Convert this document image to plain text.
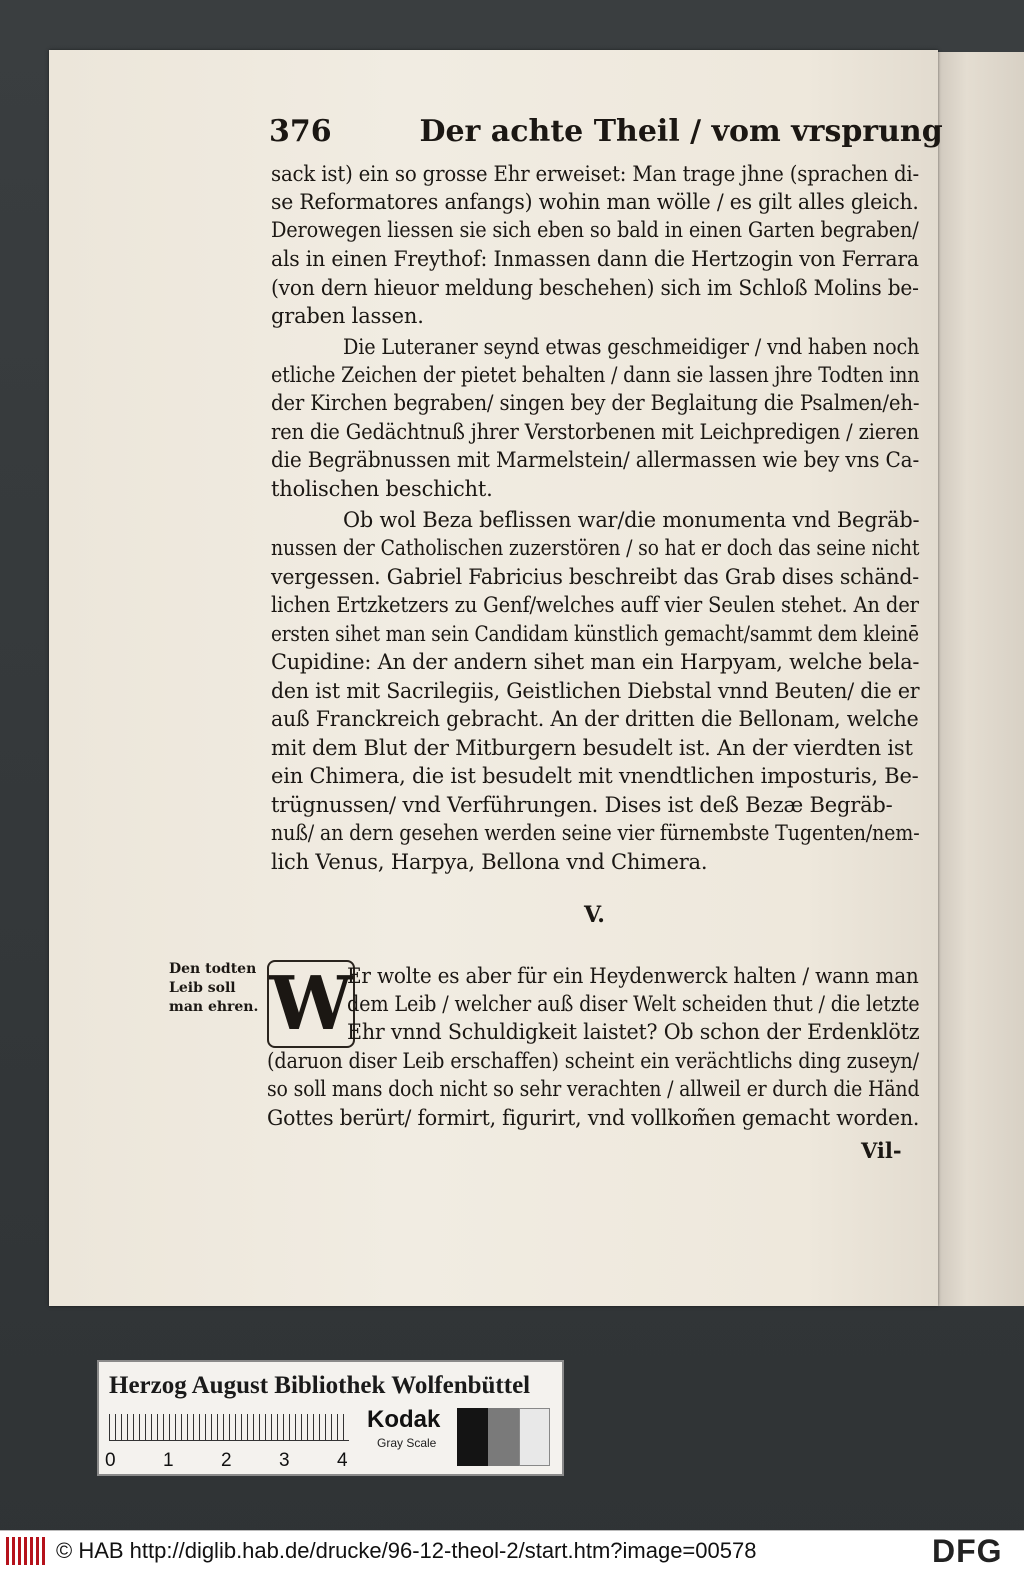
376	Der achte Theil / vom vrsprung
sack ist) ein so grosse Ehr erweiset: Man trage jhne (sprachen di-
se Reformatores anfangs) wohin man wölle / es gilt alles gleich.
Derowegen liessen sie sich eben so bald in einen Garten begraben/
als in einen Freythof: Inmassen dann die Hertzogin von Ferrara
(von dern hieuor meldung beschehen) sich im Schloß Molins be-
graben lassen.
Die Luteraner seynd etwas geschmeidiger / vnd haben noch
etliche Zeichen der pietet behalten / dann sie lassen jhre Todten inn
der Kirchen begraben/ singen bey der Beglaitung die Psalmen/eh-
ren die Gedächtnuß jhrer Verstorbenen mit Leichpredigen / zieren
die Begräbnussen mit Marmelstein/ allermassen wie bey vns Ca-
tholischen beschicht.
Ob wol Beza beflissen war/die monumenta vnd Begräb-
nussen der Catholischen zuzerstören / so hat er doch das seine nicht
vergessen. Gabriel Fabricius beschreibt das Grab dises schänd-
lichen Ertzketzers zu Genf/welches auff vier Seulen stehet. An der
ersten sihet man sein Candidam künstlich gemacht/sammt dem kleinē
Cupidine: An der andern sihet man ein Harpyam, welche bela-
den ist mit Sacrilegiis, Geistlichen Diebstal vnnd Beuten/ die er
auß Franckreich gebracht. An der dritten die Bellonam, welche
mit dem Blut der Mitburgern besudelt ist. An der vierdten ist
ein Chimera, die ist besudelt mit vnendtlichen imposturis, Be-
trügnussen/ vnd Verführungen. Dises ist deß Bezæ Begräb-
nuß/ an dern gesehen werden seine vier fürnembste Tugenten/nem-
lich Venus, Harpya, Bellona vnd Chimera.
V.
Den todten
Leib soll
man ehren. W
Er wolte es aber für ein Heydenwerck halten / wann man
dem Leib / welcher auß diser Welt scheiden thut / die letzte
Ehr vnnd Schuldigkeit laistet? Ob schon der Erdenklötz
(daruon diser Leib erschaffen) scheint ein verächtlichs ding zuseyn/
so soll mans doch nicht so sehr verachten / allweil er durch die Händ
Gottes berürt/ formirt, figurirt, vnd vollkom̃en gemacht worden.
Vil-
Herzog August Bibliothek Wolfenbüttel
0 1 2 3 4
Kodak
Gray Scale
© HAB http://diglib.hab.de/drucke/96-12-theol-2/start.htm?image=00578	DFG
